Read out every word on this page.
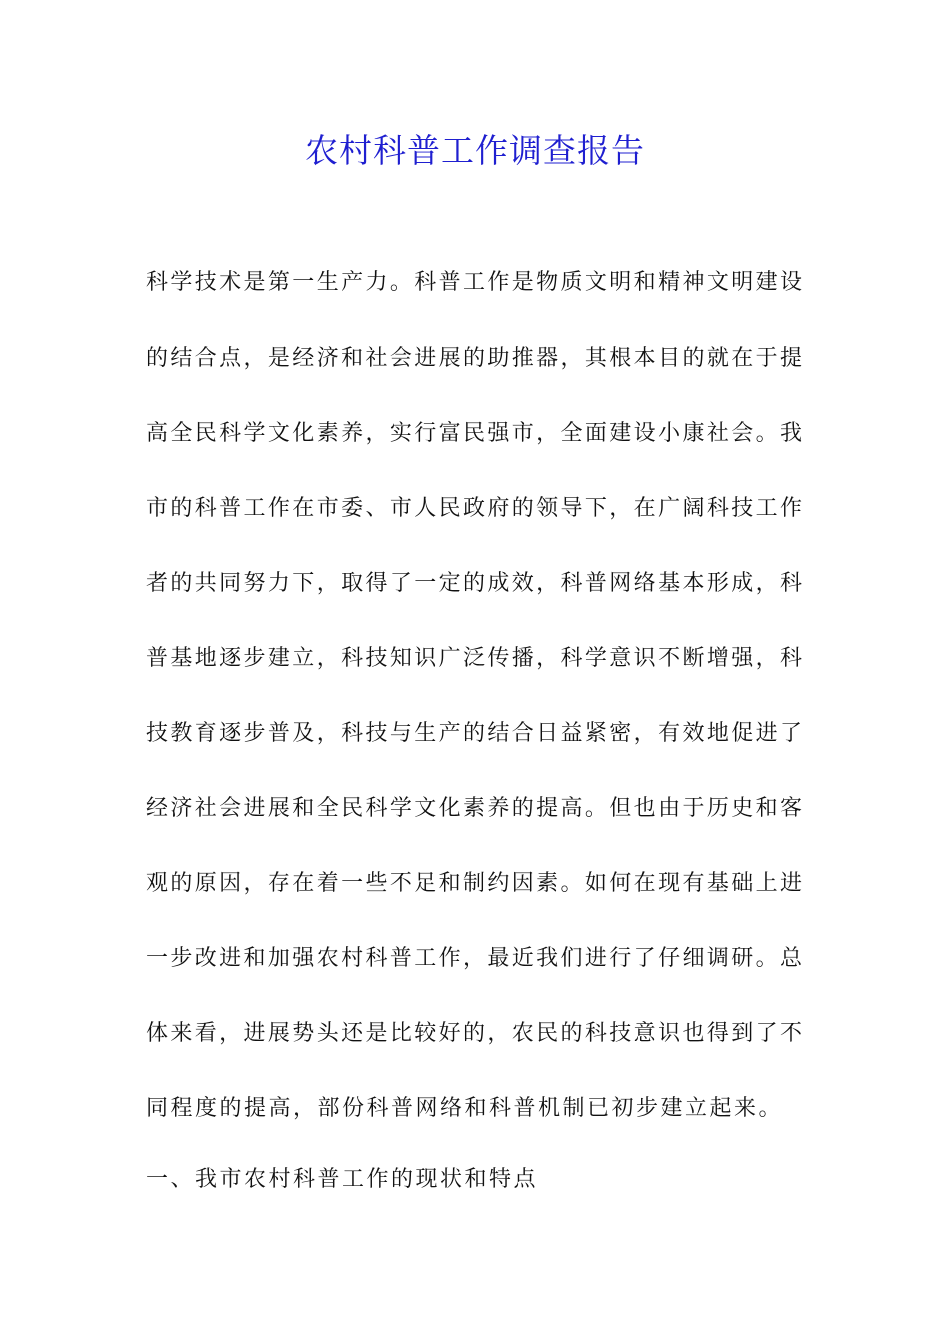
农村科普工作调查报告

科学技术是第一生产力。科普工作是物质文明和精神文明建设

的结合点，是经济和社会进展的助推器，其根本目的就在于提

高全民科学文化素养，实行富民强市，全面建设小康社会。我

市的科普工作在市委、市人民政府的领导下，在广阔科技工作

者的共同努力下，取得了一定的成效，科普网络基本形成，科

普基地逐步建立，科技知识广泛传播，科学意识不断增强，科

技教育逐步普及，科技与生产的结合日益紧密，有效地促进了

经济社会进展和全民科学文化素养的提高。但也由于历史和客

观的原因，存在着一些不足和制约因素。如何在现有基础上进

一步改进和加强农村科普工作，最近我们进行了仔细调研。总

体来看，进展势头还是比较好的，农民的科技意识也得到了不

同程度的提高，部份科普网络和科普机制已初步建立起来。

一、我市农村科普工作的现状和特点
